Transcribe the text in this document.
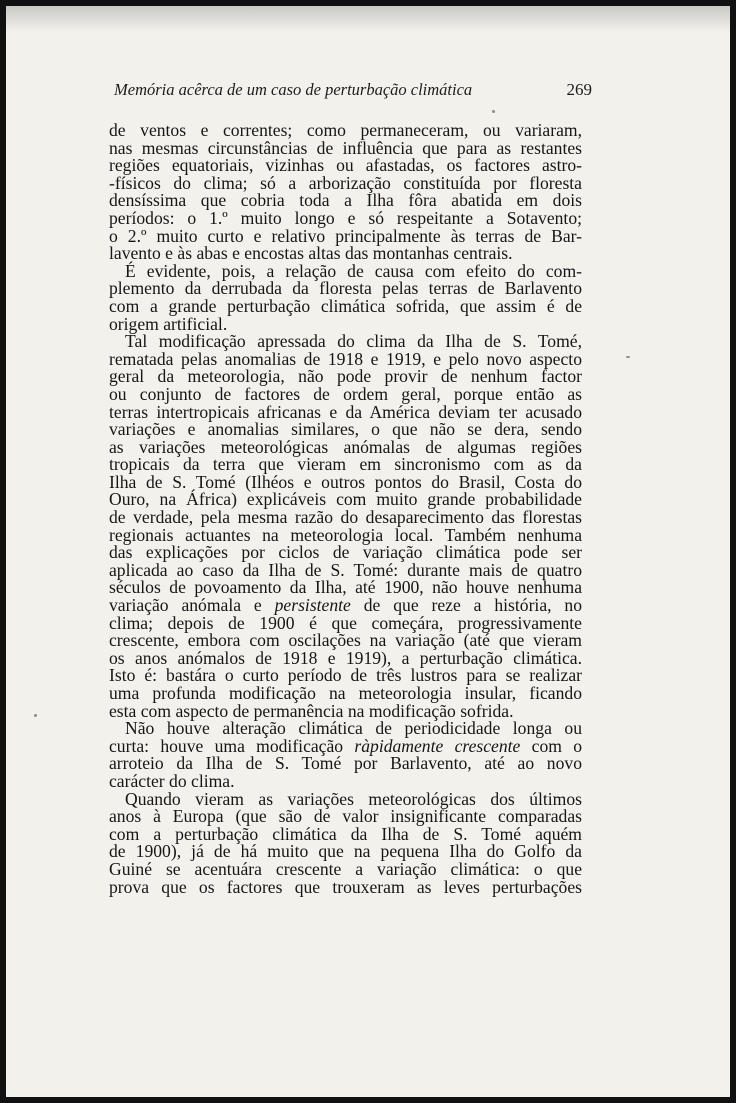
Memória acêrca de um caso de perturbação climática	269
de ventos e correntes; como permaneceram, ou variaram,
nas mesmas circunstâncias de influência que para as restantes
regiões equatoriais, vizinhas ou afastadas, os factores astro-
-físicos do clima; só a arborização constituída por floresta
densíssima que cobria toda a Ilha fôra abatida em dois
períodos: o 1.º muito longo e só respeitante a Sotavento;
o 2.º muito curto e relativo principalmente às terras de Bar-
lavento e às abas e encostas altas das montanhas centrais.
É evidente, pois, a relação de causa com efeito do com-
plemento da derrubada da floresta pelas terras de Barlavento
com a grande perturbação climática sofrida, que assim é de
origem artificial.
Tal modificação apressada do clima da Ilha de S. Tomé,
rematada pelas anomalias de 1918 e 1919, e pelo novo aspecto
geral da meteorologia, não pode provir de nenhum factor
ou conjunto de factores de ordem geral, porque então as
terras intertropicais africanas e da América deviam ter acusado
variações e anomalias similares, o que não se dera, sendo
as variações meteorológicas anómalas de algumas regiões
tropicais da terra que vieram em sincronismo com as da
Ilha de S. Tomé (Ilhéos e outros pontos do Brasil, Costa do
Ouro, na África) explicáveis com muito grande probabilidade
de verdade, pela mesma razão do desaparecimento das florestas
regionais actuantes na meteorologia local. Também nenhuma
das explicações por ciclos de variação climática pode ser
aplicada ao caso da Ilha de S. Tomé: durante mais de quatro
séculos de povoamento da Ilha, até 1900, não houve nenhuma
variação anómala e persistente de que reze a história, no
clima; depois de 1900 é que começára, progressivamente
crescente, embora com oscilações na variação (até que vieram
os anos anómalos de 1918 e 1919), a perturbação climática.
Isto é: bastára o curto período de três lustros para se realizar
uma profunda modificação na meteorologia insular, ficando
esta com aspecto de permanência na modificação sofrida.
Não houve alteração climática de periodicidade longa ou
curta: houve uma modificação ràpidamente crescente com o
arroteio da Ilha de S. Tomé por Barlavento, até ao novo
carácter do clima.
Quando vieram as variações meteorológicas dos últimos
anos à Europa (que são de valor insignificante comparadas
com a perturbação climática da Ilha de S. Tomé aquém
de 1900), já de há muito que na pequena Ilha do Golfo da
Guiné se acentuára crescente a variação climática: o que
prova que os factores que trouxeram as leves perturbações
